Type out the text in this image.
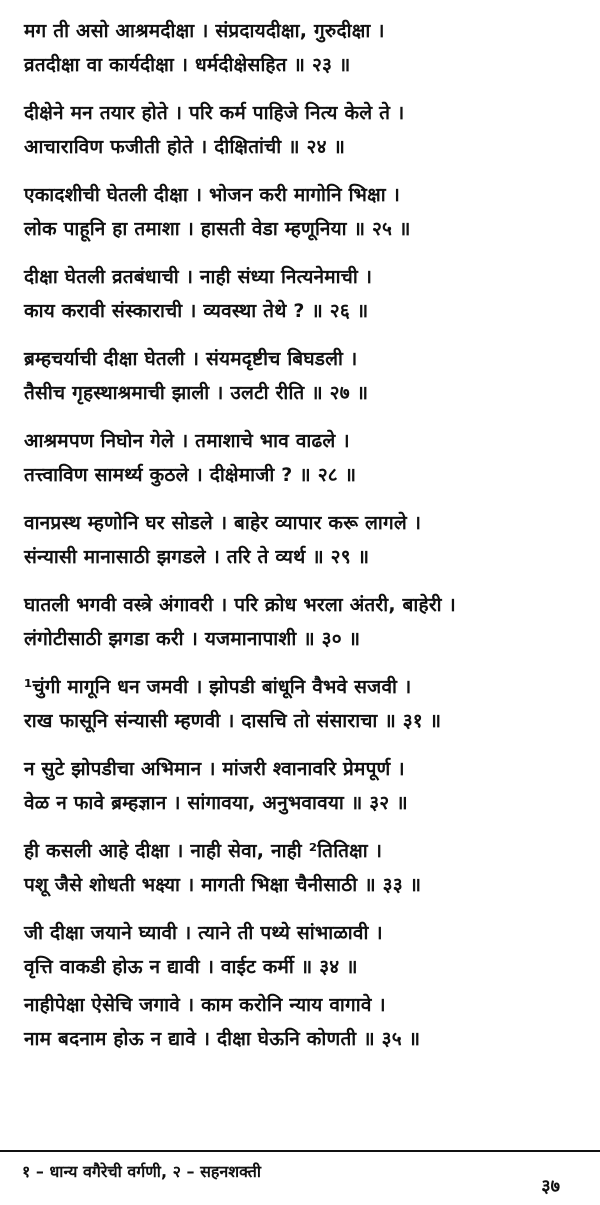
मग ती असो आश्रमदीक्षा । संप्रदायदीक्षा, गुरुदीक्षा ।
व्रतदीक्षा वा कार्यदीक्षा । धर्मदीक्षेसहित ॥ २३ ॥
दीक्षेने मन तयार होते । परि कर्म पाहिजे नित्य केले ते ।
आचाराविण फजीती होते । दीक्षितांची ॥ २४ ॥
एकादशीची घेतली दीक्षा । भोजन करी मागोनि भिक्षा ।
लोक पाहूनि हा तमाशा । हासती वेडा म्हणूनिया ॥ २५ ॥
दीक्षा घेतली व्रतबंधाची । नाही संध्या नित्यनेमाची ।
काय करावी संस्काराची । व्यवस्था तेथे ? ॥ २६ ॥
ब्रम्हचर्याची दीक्षा घेतली । संयमदृष्टीच बिघडली ।
तैसीच गृहस्थाश्रमाची झाली । उलटी रीति ॥ २७ ॥
आश्रमपण निघोन गेले । तमाशाचे भाव वाढले ।
तत्त्वाविण सामर्थ्य कुठले । दीक्षेमाजी ? ॥ २८ ॥
वानप्रस्थ म्हणोनि घर सोडले । बाहेर व्यापार करू लागले ।
संन्यासी मानासाठी झगडले । तरि ते व्यर्थ ॥ २९ ॥
घातली भगवी वस्त्रे अंगावरी । परि क्रोध भरला अंतरी, बाहेरी ।
लंगोटीसाठी झगडा करी । यजमानापाशी ॥ ३० ॥
¹चुंगी मागूनि धन जमवी । झोपडी बांधूनि वैभवे सजवी ।
राख फासूनि संन्यासी म्हणवी । दासचि तो संसाराचा ॥ ३१ ॥
न सुटे झोपडीचा अभिमान । मांजरी श्वानावरि प्रेमपूर्ण ।
वेळ न फावे ब्रम्हज्ञान । सांगावया, अनुभवावया ॥ ३२ ॥
ही कसली आहे दीक्षा । नाही सेवा, नाही ²तितिक्षा ।
पशू जैसे शोधती भक्ष्या । मागती भिक्षा चैनीसाठी ॥ ३३ ॥
जी दीक्षा जयाने घ्यावी । त्याने ती पथ्ये सांभाळावी ।
वृत्ति वाकडी होऊ न द्यावी । वाईट कर्मी ॥ ३४ ॥
नाहीपेक्षा ऐसेचि जगावे । काम करोनि न्याय वागावे ।
नाम बदनाम होऊ न द्यावे । दीक्षा घेऊनि कोणती ॥ ३५ ॥
१ – धान्य वगैरेची वर्गणी, २ – सहनशक्ती
३७
